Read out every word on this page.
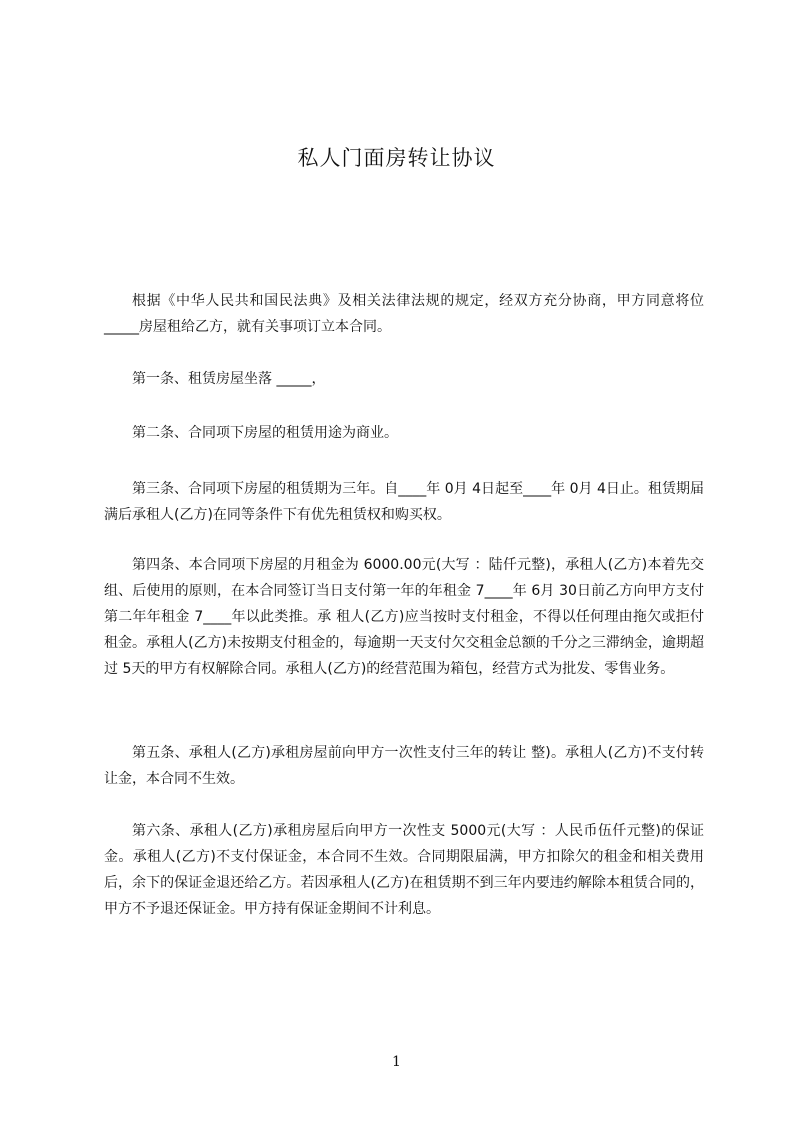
私人门面房转让协议

根据《中华人民共和国民法典》及相关法律法规的规定，经双方充分协商，甲方同意将位 _____房屋租给乙方，就有关事项订立本合同。

第一条、租赁房屋坐落 _____，

第二条、合同项下房屋的租赁用途为商业。

第三条、合同项下房屋的租赁期为三年。自____年 0月 4日起至____年 0月 4日止。租赁期届满后承租人(乙方)在同等条件下有优先租赁权和购买权。

第四条、本合同项下房屋的月租金为 6000.00元(大写 ：陆仟元整)，承租人(乙方)本着先交组、后使用的原则，在本合同签订当日支付第一年的年租金 7____年 6月 30日前乙方向甲方支付第二年年租金 7____年以此类推。承 租人(乙方)应当按时支付租金，不得以任何理由拖欠或拒付租金。承租人(乙方)未按期支付租金的，每逾期一天支付欠交租金总额的千分之三滞纳金，逾期超过 5天的甲方有权解除合同。承租人(乙方)的经营范围为箱包，经营方式为批发、零售业务。

第五条、承租人(乙方)承租房屋前向甲方一次性支付三年的转让 整)。承租人(乙方)不支付转让金，本合同不生效。

第六条、承租人(乙方)承租房屋后向甲方一次性支 5000元(大写 ：人民币伍仟元整)的保证金。承租人(乙方)不支付保证金，本合同不生效。合同期限届满，甲方扣除欠的租金和相关费用后，余下的保证金退还给乙方。若因承租人(乙方)在租赁期不到三年内要违约解除本租赁合同的，甲方不予退还保证金。甲方持有保证金期间不计利息。

1
